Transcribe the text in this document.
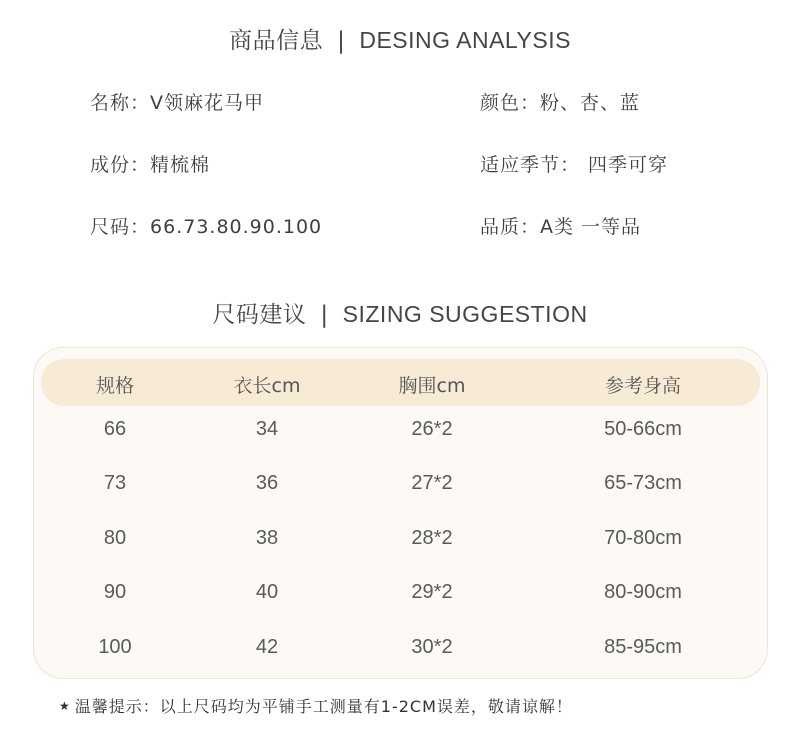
商品信息 | DESING ANALYSIS
名称：V领麻花马甲	颜色：粉、杏、蓝
成份：精梳棉	适应季节： 四季可穿
尺码：66.73.80.90.100	品质：A类 一等品
尺码建议 | SIZING SUGGESTION
规格	衣长cm	胸围cm	参考身高
66	34	26*2	50-66cm
73	36	27*2	65-73cm
80	38	28*2	70-80cm
90	40	29*2	80-90cm
100	42	30*2	85-95cm
★ 温馨提示：以上尺码均为平铺手工测量有1-2CM误差，敬请谅解！
